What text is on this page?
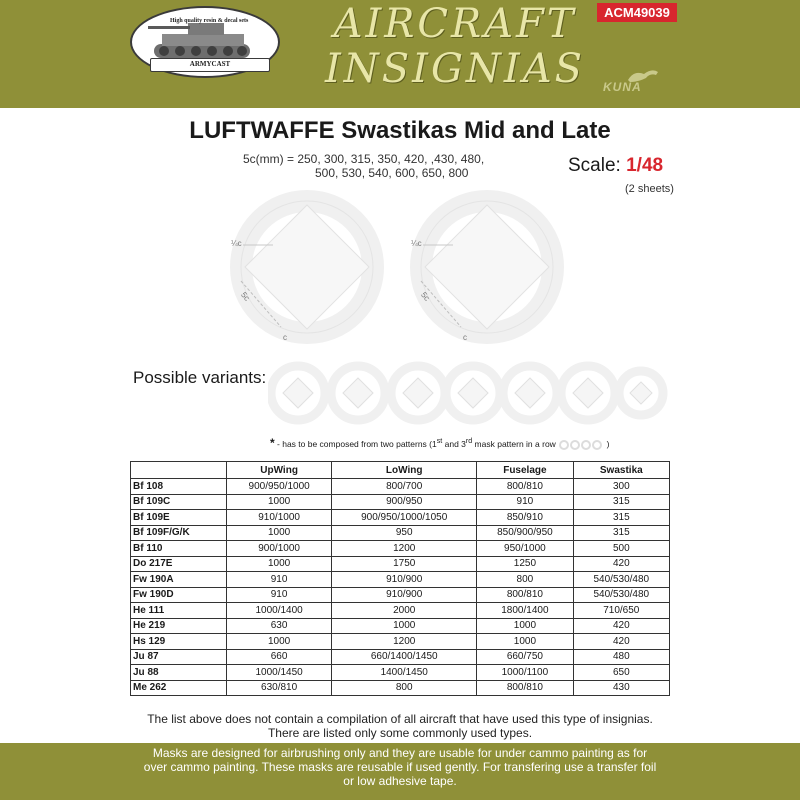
High quality resin & decal sets
ARMYCAST
AIRCRAFT
INSIGNIAS
ACM49039
KUNA
LUFTWAFFE Swastikas Mid and Late
5c(mm) = 250, 300, 315, 350, 420, ,430, 480,
500, 530, 540, 600, 650, 800	Scale: 1/48
(2 sheets)
¼c
5c
c
¼c
5c
c
Possible variants:
* - has to be composed from two patterns (1st and 3rd mask pattern in a row	)
	UpWing	LoWing	Fuselage	Swastika
Bf 108	900/950/1000	800/700	800/810	300
Bf 109C	1000	900/950	910	315
Bf 109E	910/1000	900/950/1000/1050	850/910	315
Bf 109F/G/K	1000	950	850/900/950	315
Bf 110	900/1000	1200	950/1000	500
Do 217E	1000	1750	1250	420
Fw 190A	910	910/900	800	540/530/480
Fw 190D	910	910/900	800/810	540/530/480
He 111	1000/1400	2000	1800/1400	710/650
He 219	630	1000	1000	420
Hs 129	1000	1200	1000	420
Ju 87	660	660/1400/1450	660/750	480
Ju 88	1000/1450	1400/1450	1000/1100	650
Me 262	630/810	800	800/810	430
The list above does not contain a compilation of all aircraft that have used this type of insignias.
There are listed only some commonly used types.
Masks are designed for airbrushing only and they are usable for under cammo painting as for
over cammo painting. These masks are reusable if used gently. For transfering use a transfer foil
or low adhesive tape.
